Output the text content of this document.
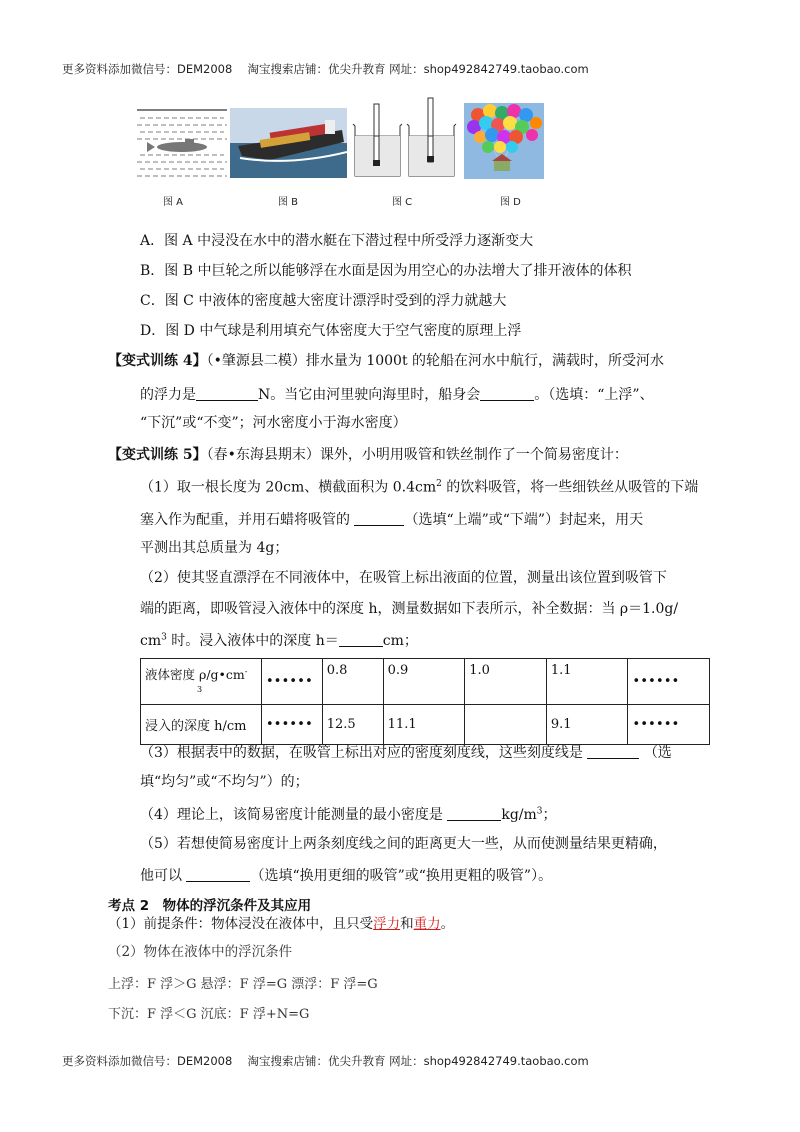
更多资料添加微信号：DEM2008　 淘宝搜索店铺：优尖升教育 网址：shop492842749.taobao.com
图 A	图 B	图 C	图 D
A．图 A 中浸没在水中的潜水艇在下潜过程中所受浮力逐渐变大
B．图 B 中巨轮之所以能够浮在水面是因为用空心的办法增大了排开液体的体积
C．图 C 中液体的密度越大密度计漂浮时受到的浮力就越大
D．图 D 中气球是利用填充气体密度大于空气密度的原理上浮
【变式训练 4】（•肇源县二模）排水量为 1000t 的轮船在河水中航行，满载时，所受河水
的浮力是	N。当它由河里驶向海里时，船身会	。（选填：“上浮”、
“下沉”或“不变”；河水密度小于海水密度）
【变式训练 5】（春•东海县期末）课外，小明用吸管和铁丝制作了一个简易密度计：
（1）取一根长度为 20cm、横截面积为 $0.4cm^2$ 的饮料吸管，将一些细铁丝从吸管的下端
塞入作为配重，并用石蜡将吸管的	（选填“上端”或“下端”）封起来，用天
平测出其总质量为 4g；
（2）使其竖直漂浮在不同液体中，在吸管上标出液面的位置，测量出该位置到吸管下
端的距离，即吸管浸入液体中的深度 h，测量数据如下表所示，补全数据：当 ρ＝1.0g/
$cm^3$ 时。浸入液体中的深度 h＝	cm；
液体密度 ρ/g•cm-
3	••••••	0.8	0.9	1.0	1.1	••••••
浸入的深度 h/cm	••••••	12.5	11.1		9.1	••••••
（3）根据表中的数据，在吸管上标出对应的密度刻度线，这些刻度线是	（选
填“均匀”或“不均匀”）的；
（4）理论上，该简易密度计能测量的最小密度是	$kg/m^3$；
（5）若想使简易密度计上两条刻度线之间的距离更大一些，从而使测量结果更精确，
他可以	（选填“换用更细的吸管”或“换用更粗的吸管”）。
考点 2　物体的浮沉条件及其应用
（1）前提条件：物体浸没在液体中，且只受浮力和重力。
（2）物体在液体中的浮沉条件
上浮：F 浮＞G 悬浮：F 浮=G 漂浮：F 浮=G
下沉：F 浮＜G 沉底：F 浮+N=G
更多资料添加微信号：DEM2008　 淘宝搜索店铺：优尖升教育 网址：shop492842749.taobao.com
